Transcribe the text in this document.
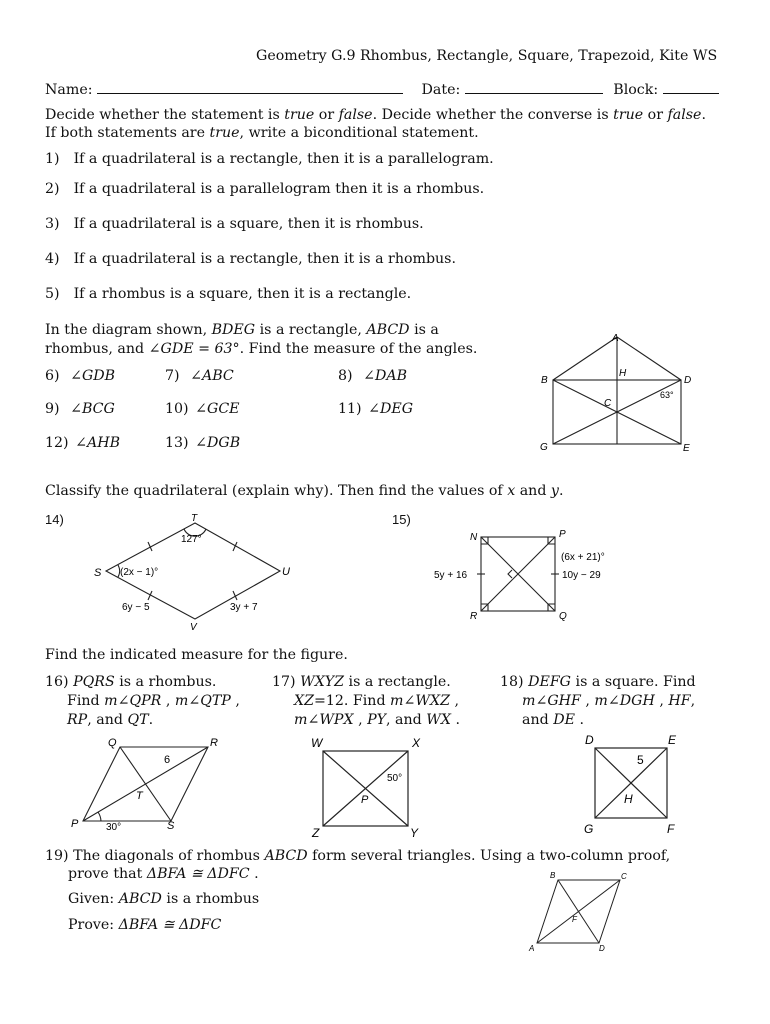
Geometry G.9 Rhombus, Rectangle, Square, Trapezoid, Kite WS
Name:	Date:	Block:
Decide whether the statement is true or false. Decide whether the converse is true or false.
If both statements are true, write a biconditional statement.
1) If a quadrilateral is a rectangle, then it is a parallelogram.
2) If a quadrilateral is a parallelogram then it is a rhombus.
3) If a quadrilateral is a square, then it is rhombus.
4) If a quadrilateral is a rectangle, then it is a rhombus.
5) If a rhombus is a square, then it is a rectangle.
In the diagram shown, BDEG is a rectangle, ABCD is a
rhombus, and ∠GDE = 63°. Find the measure of the angles.
6) ∠GDB	7) ∠ABC	8) ∠DAB
9) ∠BCG	10) ∠GCE	11) ∠DEG
12) ∠AHB	13) ∠DGB
A
B
C
D
E
G
H
63°
Classify the quadrilateral (explain why). Then find the values of x and y.
14)	T
S	U
V
127°
(2x − 1)°
6y − 5	3y + 7
15)
N	P
R	Q
5y + 16
(6x + 21)°
10y − 29
Find the indicated measure for the figure.
16) PQRS is a rhombus.
Find m∠QPR , m∠QTP ,
RP, and QT.
Q	R
P	S
T
6
30°
17) WXYZ is a rectangle.
XZ=12. Find m∠WXZ ,
m∠WPX , PY, and WX .
W	X
Z	Y
P
50°
18) DEFG is a square. Find
m∠GHF , m∠DGH , HF,
and DE .
D	E
G	F
H
5
19) The diagonals of rhombus ABCD form several triangles. Using a two-column proof,
prove that ΔBFA ≅ ΔDFC .
Given: ABCD is a rhombus
Prove: ΔBFA ≅ ΔDFC
B	C
A	D
F
